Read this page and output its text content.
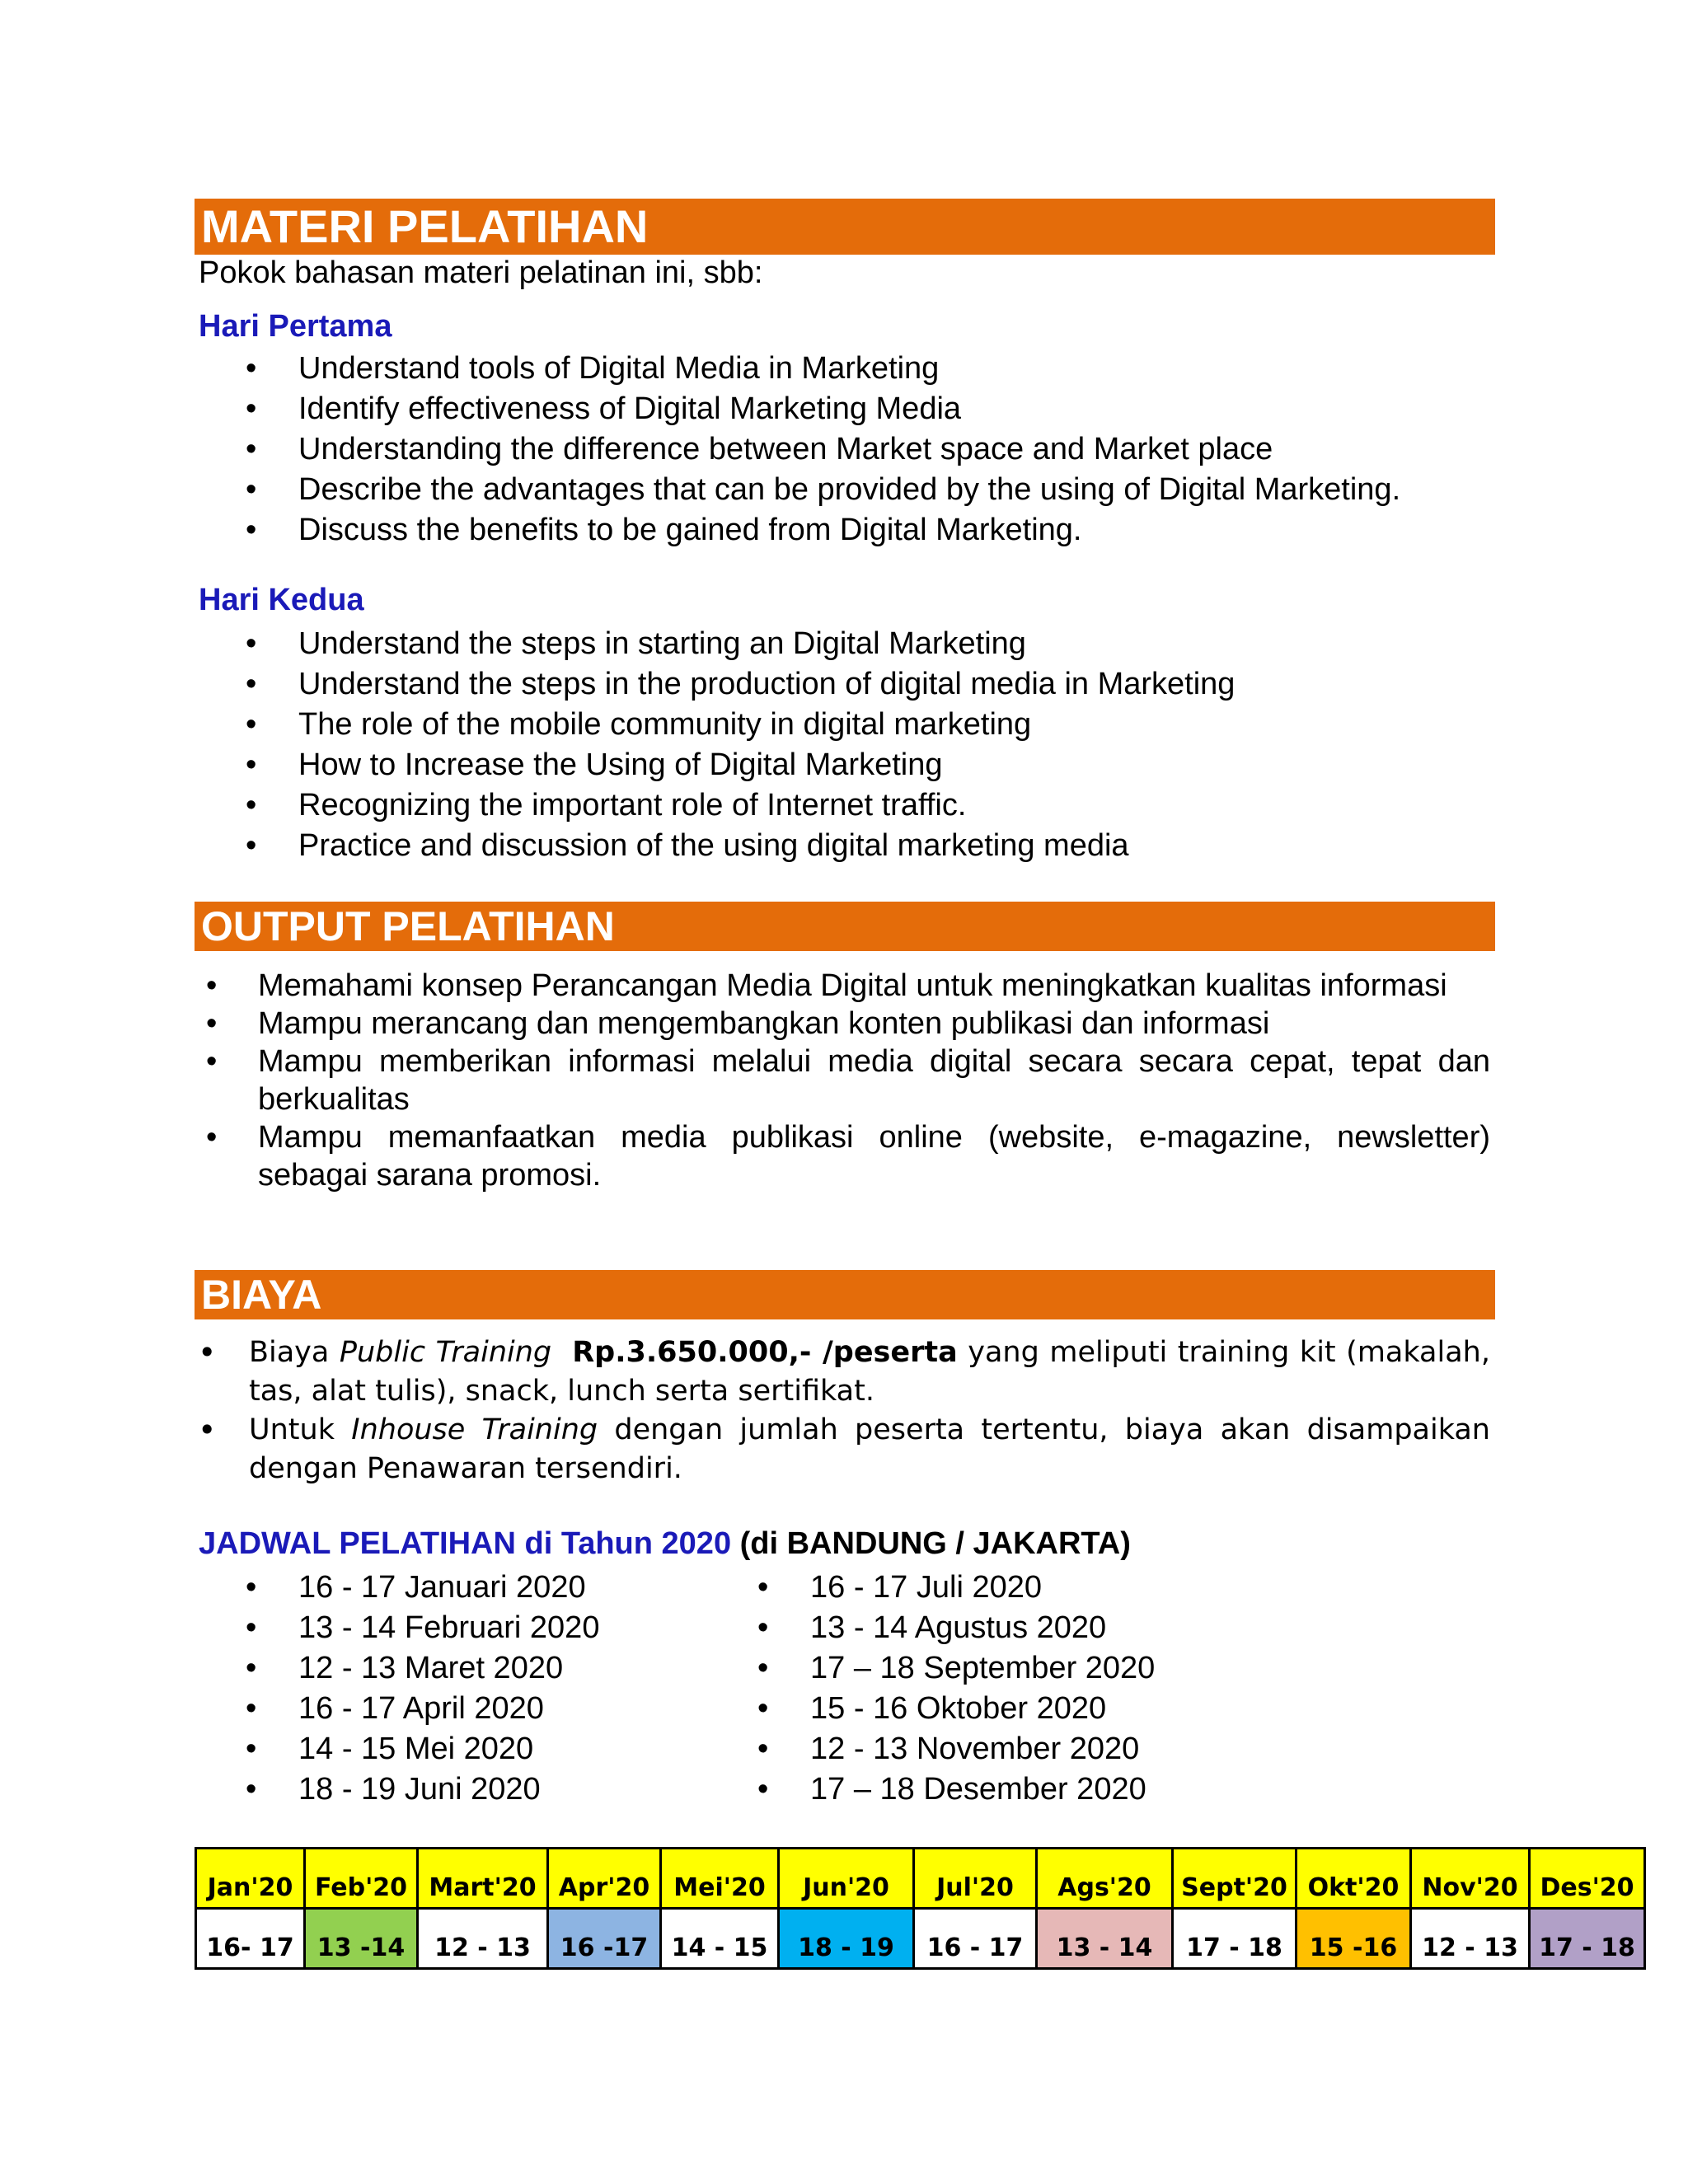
MATERI PELATIHAN
Pokok bahasan materi pelatinan ini, sbb:
Hari Pertama
• Understand tools of Digital Media in Marketing
• Identify effectiveness of Digital Marketing Media
• Understanding the difference between Market space and Market place
• Describe the advantages that can be provided by the using of Digital Marketing.
• Discuss the benefits to be gained from Digital Marketing.
Hari Kedua
• Understand the steps in starting an Digital Marketing
• Understand the steps in the production of digital media in Marketing
• The role of the mobile community in digital marketing
• How to Increase the Using of Digital Marketing
• Recognizing the important role of Internet traffic.
• Practice and discussion of the using digital marketing media
OUTPUT PELATIHAN
• Memahami konsep Perancangan Media Digital untuk meningkatkan kualitas informasi
• Mampu merancang dan mengembangkan konten publikasi dan informasi
• Mampu memberikan informasi melalui media digital secara secara cepat, tepat dan berkualitas
• Mampu memanfaatkan media publikasi online (website, e-magazine, newsletter) sebagai sarana promosi.
BIAYA
• Biaya Public Training Rp.3.650.000,- /peserta yang meliputi training kit (makalah, tas, alat tulis), snack, lunch serta sertifikat.
• Untuk Inhouse Training dengan jumlah peserta tertentu, biaya akan disampaikan dengan Penawaran tersendiri.
JADWAL PELATIHAN di Tahun 2020 (di BANDUNG / JAKARTA)
• 16 - 17 Januari 2020
• 13 - 14 Februari 2020
• 12 - 13 Maret 2020
• 16 - 17 April 2020
• 14 - 15 Mei 2020
• 18 - 19 Juni 2020
• 16 - 17 Juli 2020
• 13 - 14 Agustus 2020
• 17 – 18 September 2020
• 15 - 16 Oktober 2020
• 12 - 13 November 2020
• 17 – 18 Desember 2020
Jan'20	Feb'20	Mart'20	Apr'20	Mei'20	Jun'20	Jul'20	Ags'20	Sept'20	Okt'20	Nov'20	Des'20
16- 17	13 -14	12 - 13	16 -17	14 - 15	18 - 19	16 - 17	13 - 14	17 - 18	15 -16	12 - 13	17 - 18
